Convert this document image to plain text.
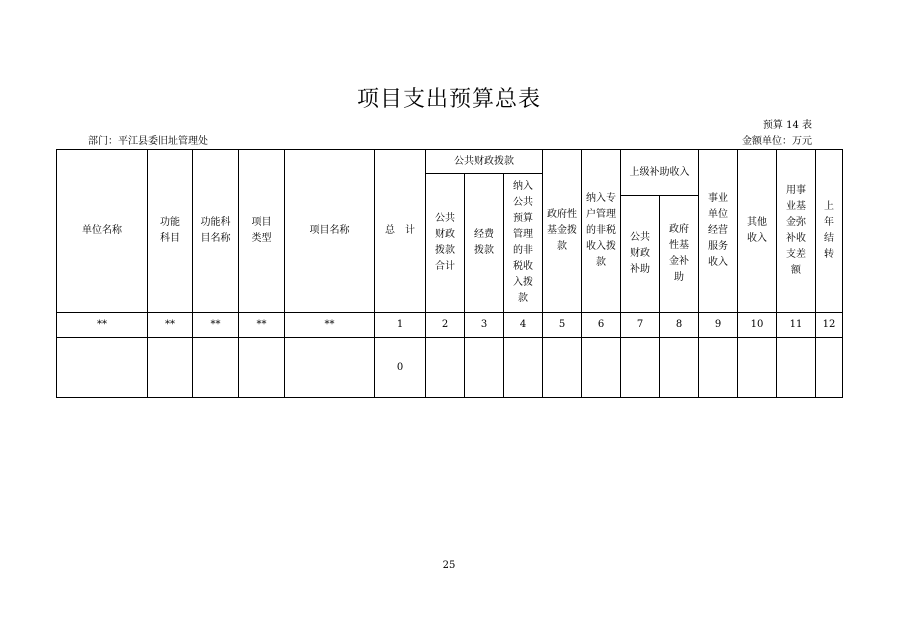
项目支出预算总表
预算 14 表
部门：平江县委旧址管理处	金额单位：万元
单位名称	功能科目	功能科目名称	项目类型	项目名称	总　计	公共财政拨款			政府性基金拨款	纳入专户管理的非税收入拨款	上级补助收入		事业单位经营服务收入	其他收入	用事业基金弥补收支差额	上年结转

						公共财政拨款合计	经费拨款	纳入公共预算管理的非税收入拨款								

											公共财政补助	政府性基金补助				

**	**	**	**	**	1	2	3	4	5	6	7	8	9	10	11	12
					0											
25
